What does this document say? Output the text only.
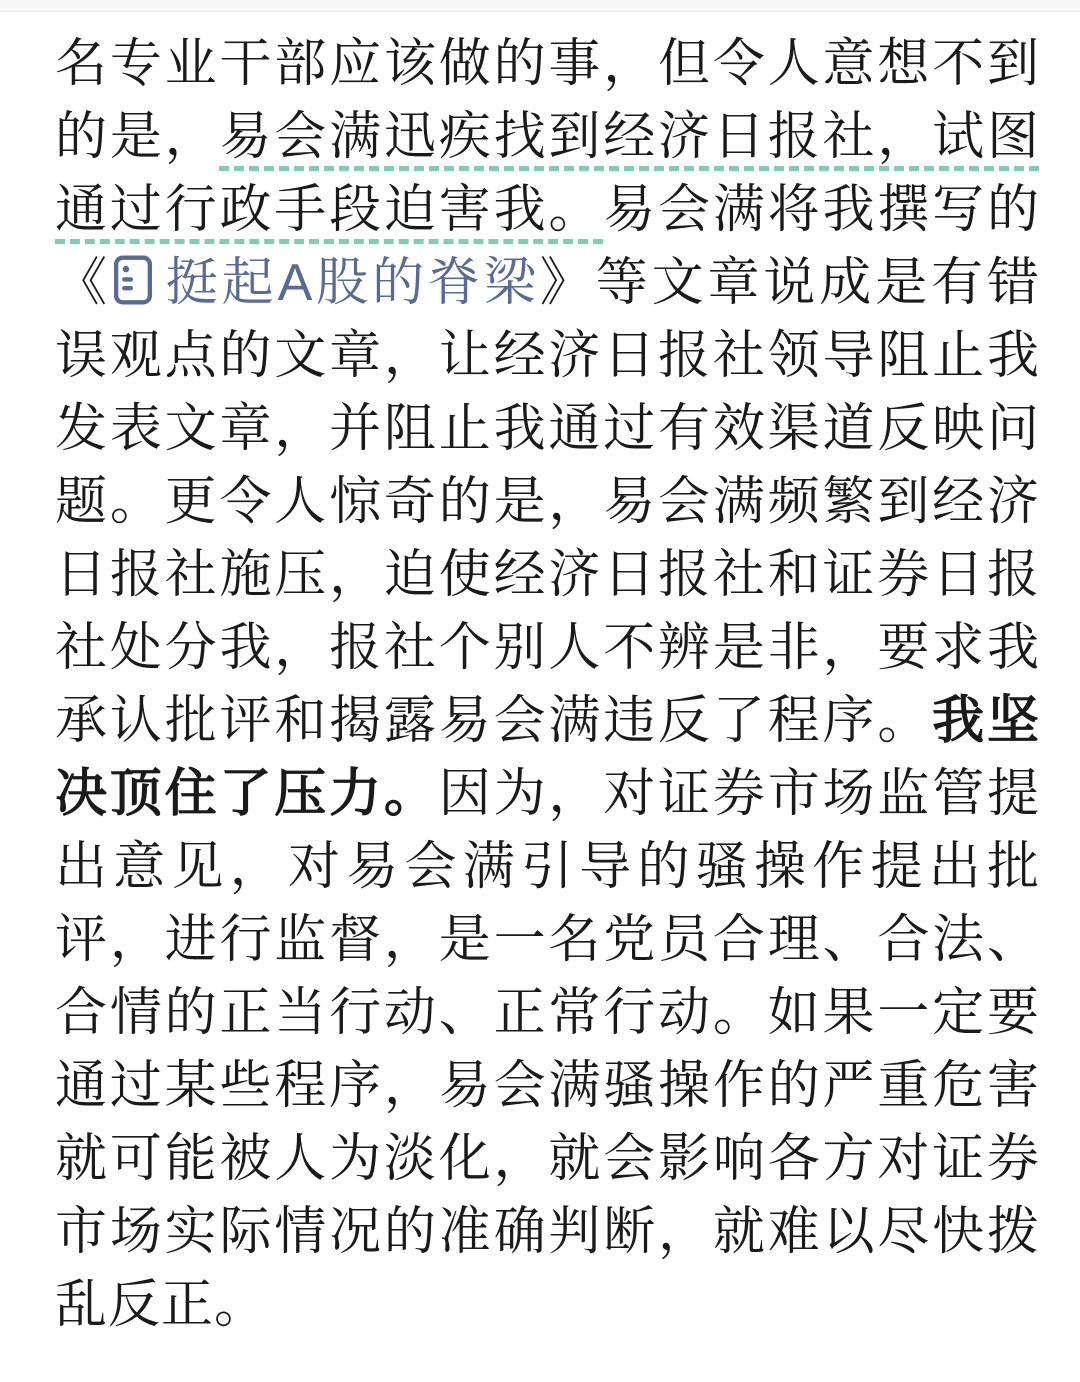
名专业干部应该做的事，但令人意想不到的是，易会满迅疾找到经济日报社，试图通过行政手段迫害我。易会满将我撰写的《 挺起A股的脊梁》等文章说成是有错误观点的文章，让经济日报社领导阻止我发表文章，并阻止我通过有效渠道反映问题。更令人惊奇的是，易会满频繁到经济日报社施压，迫使经济日报社和证券日报社处分我，报社个别人不辨是非，要求我承认批评和揭露易会满违反了程序。我坚决顶住了压力。因为，对证券市场监管提出意见，对易会满引导的骚操作提出批评，进行监督，是一名党员合理、合法、合情的正当行动、正常行动。如果一定要通过某些程序，易会满骚操作的严重危害就可能被人为淡化，就会影响各方对证券市场实际情况的准确判断，就难以尽快拨乱反正。
